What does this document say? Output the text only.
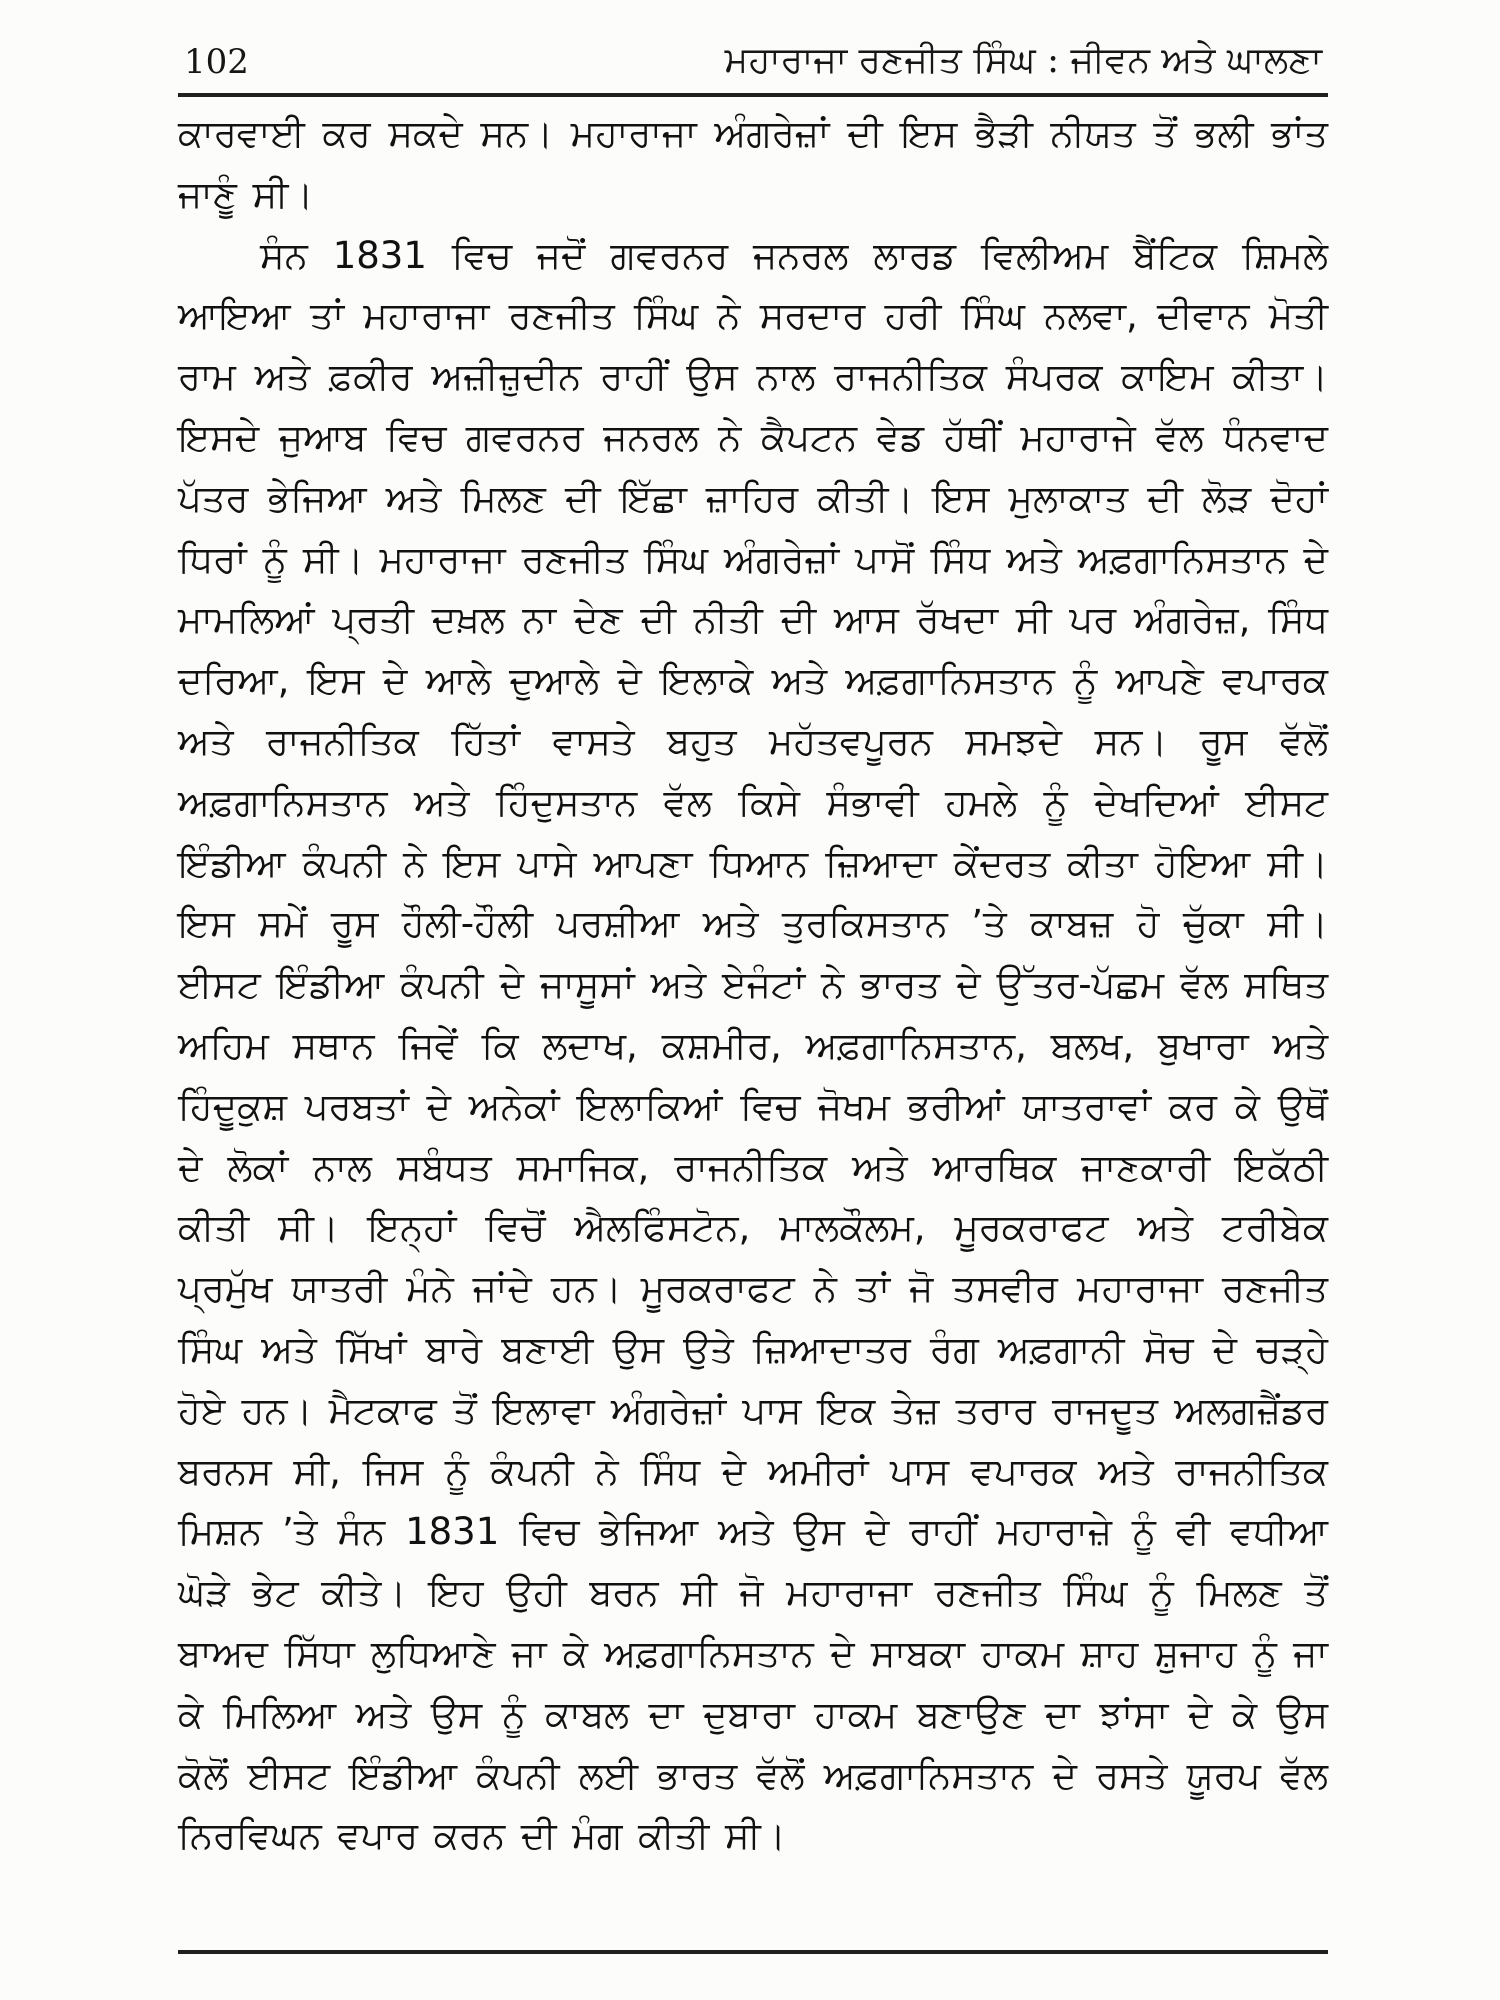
102	ਮਹਾਰਾਜਾ ਰਣਜੀਤ ਸਿੰਘ : ਜੀਵਨ ਅਤੇ ਘਾਲਣਾ

ਕਾਰਵਾਈ ਕਰ ਸਕਦੇ ਸਨ। ਮਹਾਰਾਜਾ ਅੰਗਰੇਜ਼ਾਂ ਦੀ ਇਸ ਭੈੜੀ ਨੀਯਤ ਤੋਂ ਭਲੀ ਭਾਂਤ ਜਾਣੂੰ ਸੀ।

ਸੰਨ 1831 ਵਿਚ ਜਦੋਂ ਗਵਰਨਰ ਜਨਰਲ ਲਾਰਡ ਵਿਲੀਅਮ ਬੈਂਟਿਕ ਸ਼ਿਮਲੇ ਆਇਆ ਤਾਂ ਮਹਾਰਾਜਾ ਰਣਜੀਤ ਸਿੰਘ ਨੇ ਸਰਦਾਰ ਹਰੀ ਸਿੰਘ ਨਲਵਾ, ਦੀਵਾਨ ਮੋਤੀ ਰਾਮ ਅਤੇ ਫ਼ਕੀਰ ਅਜ਼ੀਜ਼ੁਦੀਨ ਰਾਹੀਂ ਉਸ ਨਾਲ ਰਾਜਨੀਤਿਕ ਸੰਪਰਕ ਕਾਇਮ ਕੀਤਾ। ਇਸਦੇ ਜੁਆਬ ਵਿਚ ਗਵਰਨਰ ਜਨਰਲ ਨੇ ਕੈਪਟਨ ਵੇਡ ਹੱਥੀਂ ਮਹਾਰਾਜੇ ਵੱਲ ਧੰਨਵਾਦ ਪੱਤਰ ਭੇਜਿਆ ਅਤੇ ਮਿਲਣ ਦੀ ਇੱਛਾ ਜ਼ਾਹਿਰ ਕੀਤੀ। ਇਸ ਮੁਲਾਕਾਤ ਦੀ ਲੋੜ ਦੋਹਾਂ ਧਿਰਾਂ ਨੂੰ ਸੀ। ਮਹਾਰਾਜਾ ਰਣਜੀਤ ਸਿੰਘ ਅੰਗਰੇਜ਼ਾਂ ਪਾਸੋਂ ਸਿੰਧ ਅਤੇ ਅਫ਼ਗਾਨਿਸਤਾਨ ਦੇ ਮਾਮਲਿਆਂ ਪ੍ਰਤੀ ਦਖ਼ਲ ਨਾ ਦੇਣ ਦੀ ਨੀਤੀ ਦੀ ਆਸ ਰੱਖਦਾ ਸੀ ਪਰ ਅੰਗਰੇਜ਼, ਸਿੰਧ ਦਰਿਆ, ਇਸ ਦੇ ਆਲੇ ਦੁਆਲੇ ਦੇ ਇਲਾਕੇ ਅਤੇ ਅਫ਼ਗਾਨਿਸਤਾਨ ਨੂੰ ਆਪਣੇ ਵਪਾਰਕ ਅਤੇ ਰਾਜਨੀਤਿਕ ਹਿੱਤਾਂ ਵਾਸਤੇ ਬਹੁਤ ਮਹੱਤਵਪੂਰਨ ਸਮਝਦੇ ਸਨ। ਰੂਸ ਵੱਲੋਂ ਅਫ਼ਗਾਨਿਸਤਾਨ ਅਤੇ ਹਿੰਦੁਸਤਾਨ ਵੱਲ ਕਿਸੇ ਸੰਭਾਵੀ ਹਮਲੇ ਨੂੰ ਦੇਖਦਿਆਂ ਈਸਟ ਇੰਡੀਆ ਕੰਪਨੀ ਨੇ ਇਸ ਪਾਸੇ ਆਪਣਾ ਧਿਆਨ ਜ਼ਿਆਦਾ ਕੇਂਦਰਤ ਕੀਤਾ ਹੋਇਆ ਸੀ। ਇਸ ਸਮੇਂ ਰੂਸ ਹੌਲੀ-ਹੌਲੀ ਪਰਸ਼ੀਆ ਅਤੇ ਤੁਰਕਿਸਤਾਨ ’ਤੇ ਕਾਬਜ਼ ਹੋ ਚੁੱਕਾ ਸੀ। ਈਸਟ ਇੰਡੀਆ ਕੰਪਨੀ ਦੇ ਜਾਸੂਸਾਂ ਅਤੇ ਏਜੰਟਾਂ ਨੇ ਭਾਰਤ ਦੇ ਉੱਤਰ-ਪੱਛਮ ਵੱਲ ਸਥਿਤ ਅਹਿਮ ਸਥਾਨ ਜਿਵੇਂ ਕਿ ਲਦਾਖ, ਕਸ਼ਮੀਰ, ਅਫ਼ਗਾਨਿਸਤਾਨ, ਬਲਖ, ਬੁਖਾਰਾ ਅਤੇ ਹਿੰਦੂਕੁਸ਼ ਪਰਬਤਾਂ ਦੇ ਅਨੇਕਾਂ ਇਲਾਕਿਆਂ ਵਿਚ ਜੋਖਮ ਭਰੀਆਂ ਯਾਤਰਾਵਾਂ ਕਰ ਕੇ ਉਥੋਂ ਦੇ ਲੋਕਾਂ ਨਾਲ ਸਬੰਧਤ ਸਮਾਜਿਕ, ਰਾਜਨੀਤਿਕ ਅਤੇ ਆਰਥਿਕ ਜਾਣਕਾਰੀ ਇਕੱਠੀ ਕੀਤੀ ਸੀ। ਇਨ੍ਹਾਂ ਵਿਚੋਂ ਐਲਫਿੰਸਟੋਨ, ਮਾਲਕੌਲਮ, ਮੂਰਕਰਾਫਟ ਅਤੇ ਟਰੀਬੇਕ ਪ੍ਰਮੁੱਖ ਯਾਤਰੀ ਮੰਨੇ ਜਾਂਦੇ ਹਨ। ਮੂਰਕਰਾਫਟ ਨੇ ਤਾਂ ਜੋ ਤਸਵੀਰ ਮਹਾਰਾਜਾ ਰਣਜੀਤ ਸਿੰਘ ਅਤੇ ਸਿੱਖਾਂ ਬਾਰੇ ਬਣਾਈ ਉਸ ਉਤੇ ਜ਼ਿਆਦਾਤਰ ਰੰਗ ਅਫ਼ਗਾਨੀ ਸੋਚ ਦੇ ਚੜ੍ਹੇ ਹੋਏ ਹਨ। ਮੈਟਕਾਫ ਤੋਂ ਇਲਾਵਾ ਅੰਗਰੇਜ਼ਾਂ ਪਾਸ ਇਕ ਤੇਜ਼ ਤਰਾਰ ਰਾਜਦੂਤ ਅਲਗਜ਼ੈਂਡਰ ਬਰਨਸ ਸੀ, ਜਿਸ ਨੂੰ ਕੰਪਨੀ ਨੇ ਸਿੰਧ ਦੇ ਅਮੀਰਾਂ ਪਾਸ ਵਪਾਰਕ ਅਤੇ ਰਾਜਨੀਤਿਕ ਮਿਸ਼ਨ ’ਤੇ ਸੰਨ 1831 ਵਿਚ ਭੇਜਿਆ ਅਤੇ ਉਸ ਦੇ ਰਾਹੀਂ ਮਹਾਰਾਜ਼ੇ ਨੂੰ ਵੀ ਵਧੀਆ ਘੋੜੇ ਭੇਟ ਕੀਤੇ। ਇਹ ਉਹੀ ਬਰਨ ਸੀ ਜੋ ਮਹਾਰਾਜਾ ਰਣਜੀਤ ਸਿੰਘ ਨੂੰ ਮਿਲਣ ਤੋਂ ਬਾਅਦ ਸਿੱਧਾ ਲੁਧਿਆਣੇ ਜਾ ਕੇ ਅਫ਼ਗਾਨਿਸਤਾਨ ਦੇ ਸਾਬਕਾ ਹਾਕਮ ਸ਼ਾਹ ਸ਼ੁਜਾਹ ਨੂੰ ਜਾ ਕੇ ਮਿਲਿਆ ਅਤੇ ਉਸ ਨੂੰ ਕਾਬਲ ਦਾ ਦੁਬਾਰਾ ਹਾਕਮ ਬਣਾਉਣ ਦਾ ਝਾਂਸਾ ਦੇ ਕੇ ਉਸ ਕੋਲੋਂ ਈਸਟ ਇੰਡੀਆ ਕੰਪਨੀ ਲਈ ਭਾਰਤ ਵੱਲੋਂ ਅਫ਼ਗਾਨਿਸਤਾਨ ਦੇ ਰਸਤੇ ਯੂਰਪ ਵੱਲ ਨਿਰਵਿਘਨ ਵਪਾਰ ਕਰਨ ਦੀ ਮੰਗ ਕੀਤੀ ਸੀ।
